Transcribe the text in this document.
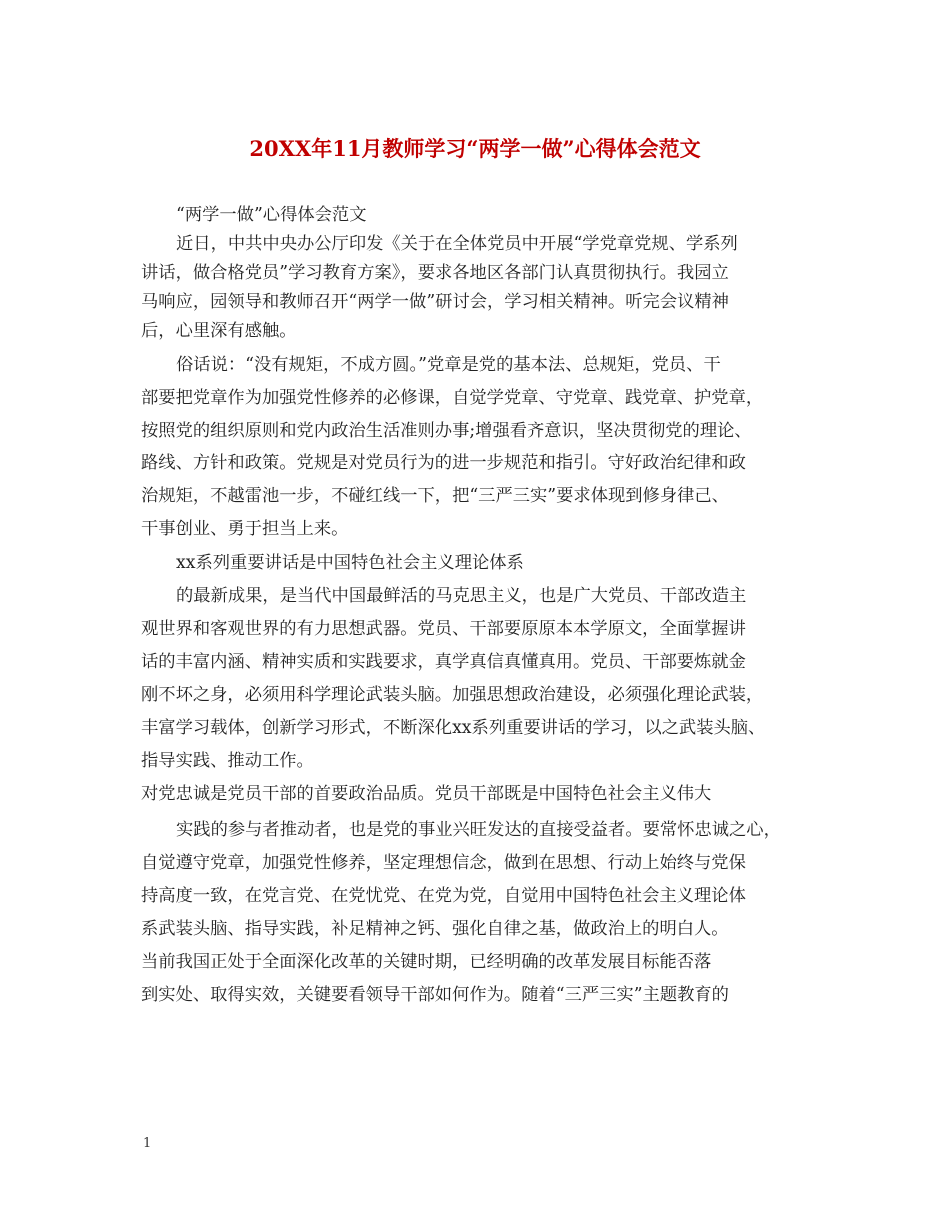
20XX年11月教师学习“两学一做”心得体会范文
“两学一做”心得体会范文
近日，中共中央办公厅印发《关于在全体党员中开展“学党章党规、学系列
讲话，做合格党员”学习教育方案》，要求各地区各部门认真贯彻执行。我园立
马响应，园领导和教师召开“两学一做”研讨会，学习相关精神。听完会议精神
后，心里深有感触。
俗话说：“没有规矩，不成方圆。”党章是党的基本法、总规矩，党员、干
部要把党章作为加强党性修养的必修课，自觉学党章、守党章、践党章、护党章，
按照党的组织原则和党内政治生活准则办事;增强看齐意识，坚决贯彻党的理论、
路线、方针和政策。党规是对党员行为的进一步规范和指引。守好政治纪律和政
治规矩，不越雷池一步，不碰红线一下，把“三严三实”要求体现到修身律己、
干事创业、勇于担当上来。
xx系列重要讲话是中国特色社会主义理论体系
的最新成果，是当代中国最鲜活的马克思主义，也是广大党员、干部改造主
观世界和客观世界的有力思想武器。党员、干部要原原本本学原文，全面掌握讲
话的丰富内涵、精神实质和实践要求，真学真信真懂真用。党员、干部要炼就金
刚不坏之身，必须用科学理论武装头脑。加强思想政治建设，必须强化理论武装，
丰富学习载体，创新学习形式，不断深化xx系列重要讲话的学习，以之武装头脑、
指导实践、推动工作。
对党忠诚是党员干部的首要政治品质。党员干部既是中国特色社会主义伟大
实践的参与者推动者，也是党的事业兴旺发达的直接受益者。要常怀忠诚之心，
自觉遵守党章，加强党性修养，坚定理想信念，做到在思想、行动上始终与党保
持高度一致，在党言党、在党忧党、在党为党，自觉用中国特色社会主义理论体
系武装头脑、指导实践，补足精神之钙、强化自律之基，做政治上的明白人。
当前我国正处于全面深化改革的关键时期，已经明确的改革发展目标能否落
到实处、取得实效，关键要看领导干部如何作为。随着“三严三实”主题教育的
1
